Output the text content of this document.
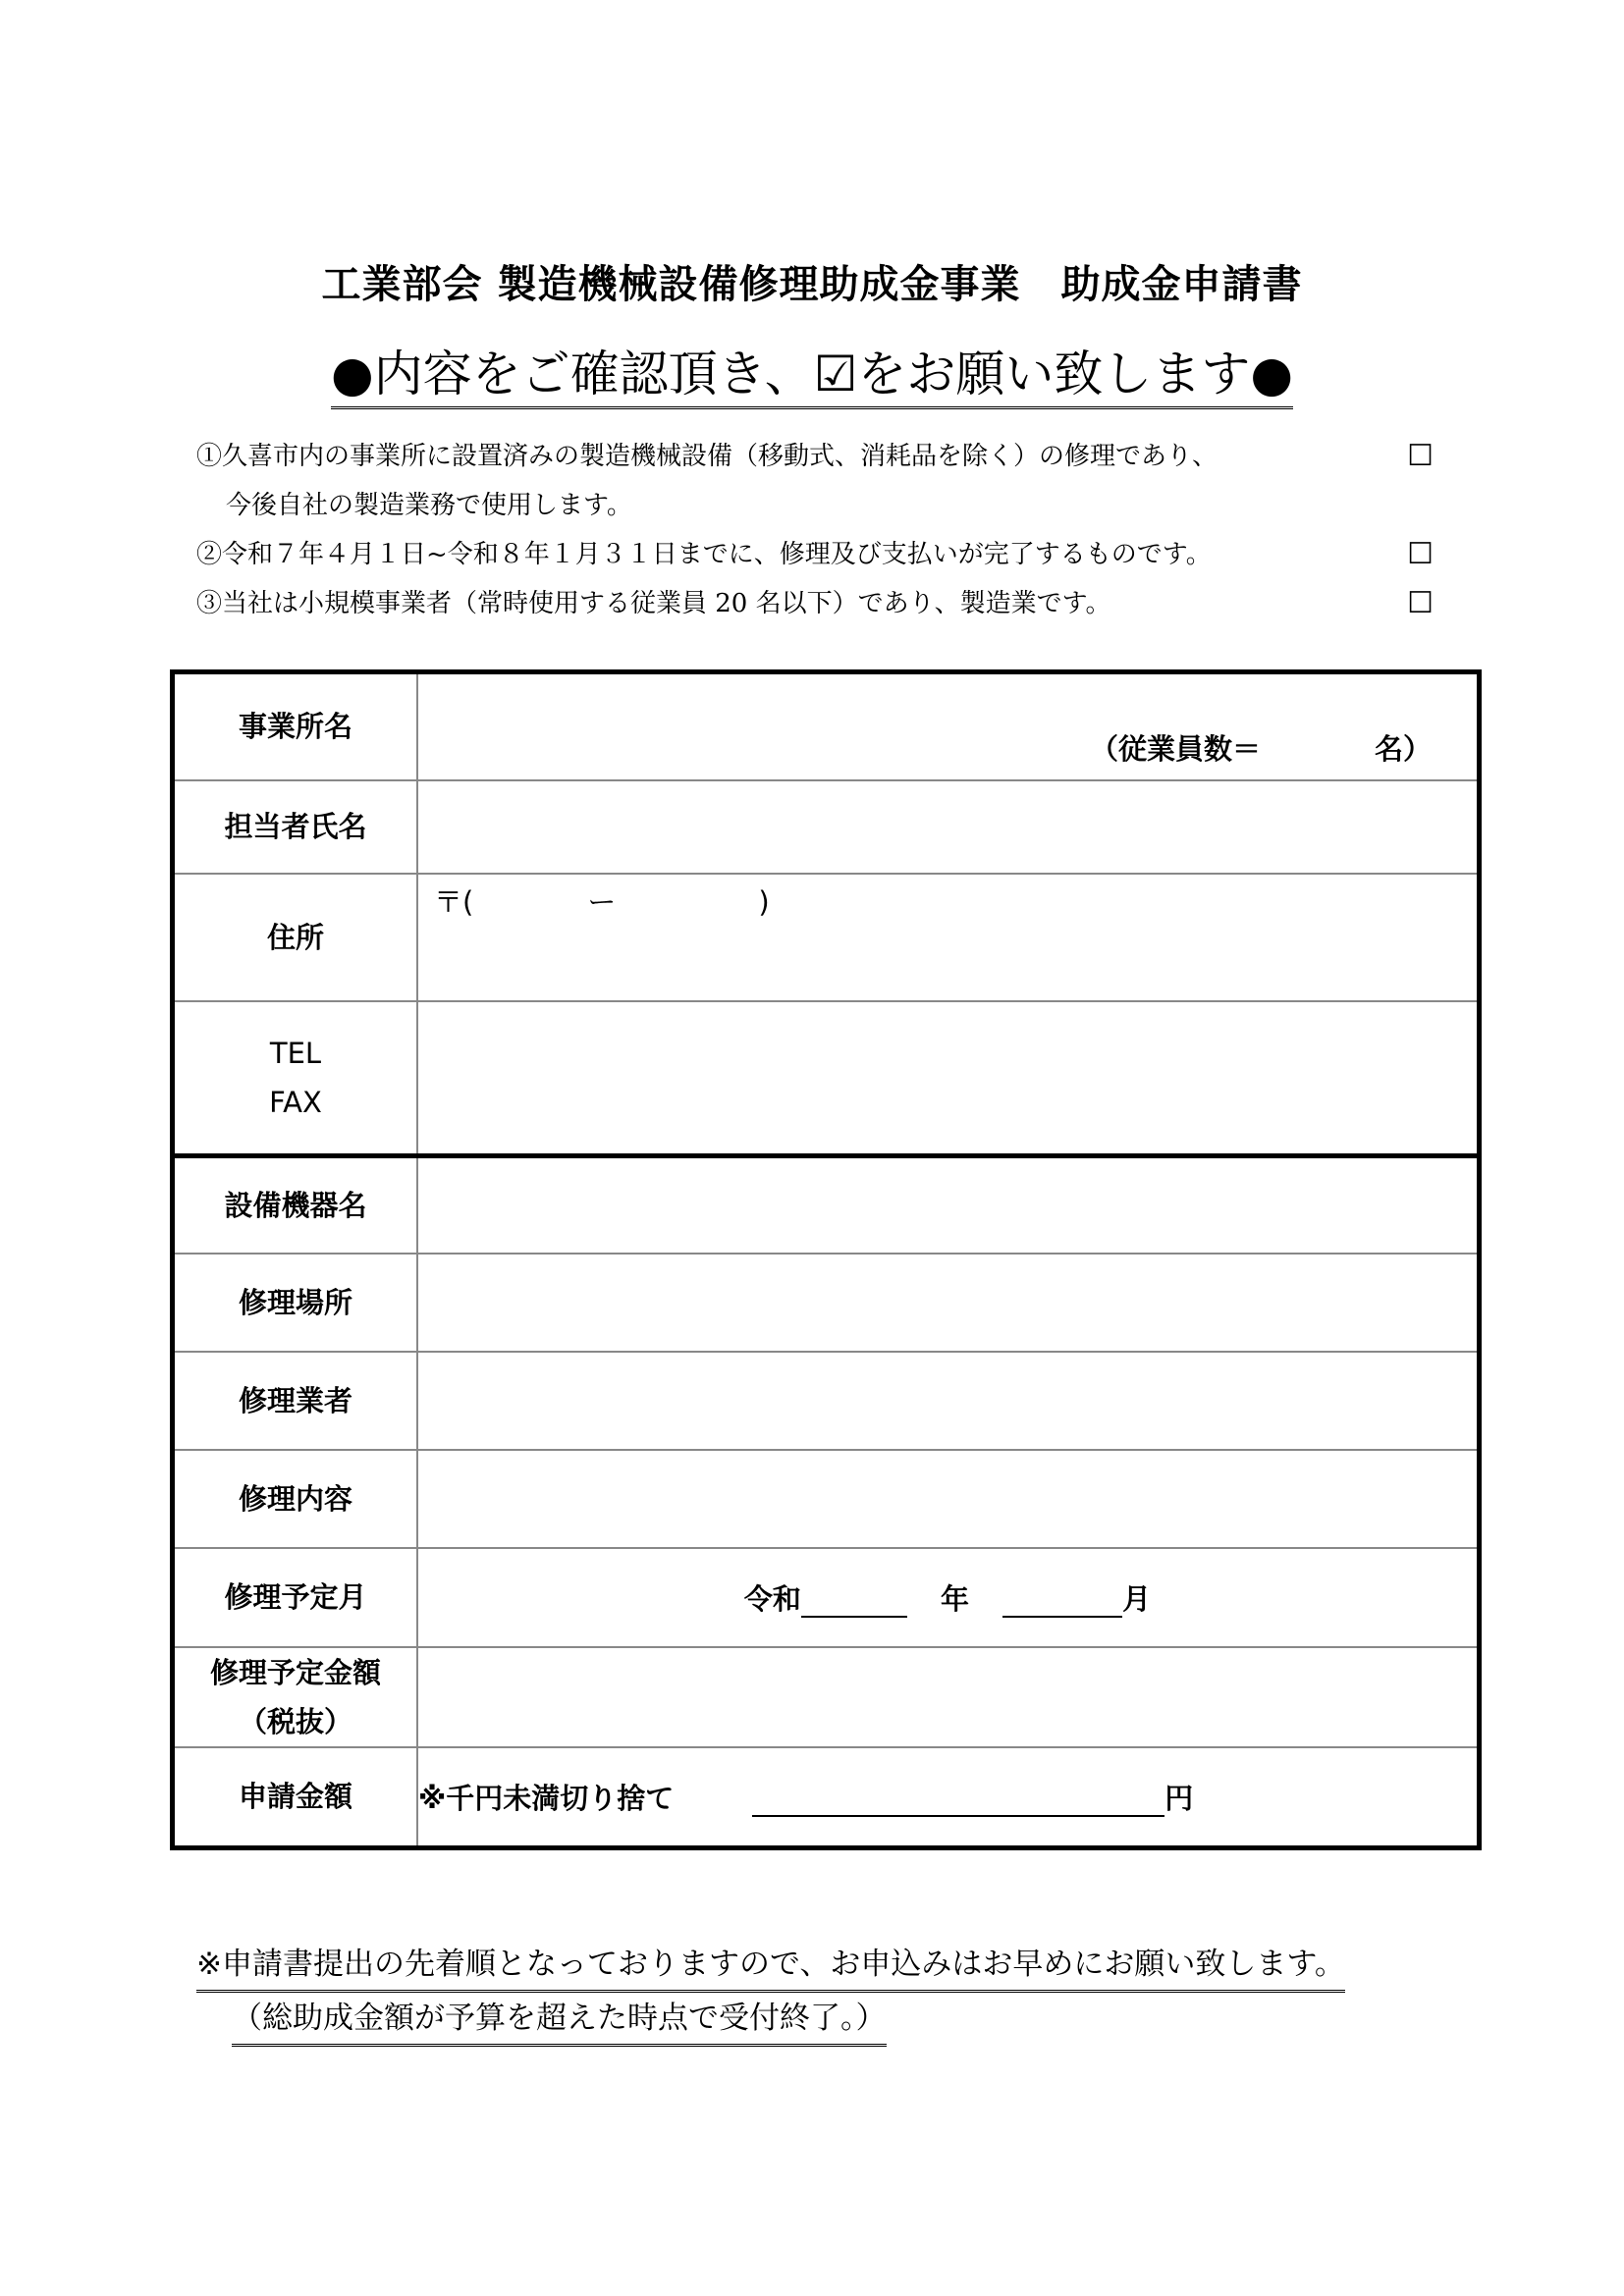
工業部会 製造機械設備修理助成金事業　助成金申請書
●内容をご確認頂き、☑をお願い致します●
①久喜市内の事業所に設置済みの製造機械設備（移動式、消耗品を除く）の修理であり、	☐
今後自社の製造業務で使用します。
②令和７年４月１日~令和８年１月３１日までに、修理及び支払いが完了するものです。	☐
③当社は小規模事業者（常時使用する従業員 20 名以下）であり、製造業です。	☐
事業所名	（従業員数＝　　　　名）

担当者氏名	
住所	〒(　　　　ー　　　　　)

TEL
FAX	

設備機器名	
修理場所	
修理業者	
修理内容	
修理予定月	令和 年 月

修理予定金額
（税抜）	

申請金額	※千円未満切り捨て 円
※申請書提出の先着順となっておりますので、お申込みはお早めにお願い致します。
（総助成金額が予算を超えた時点で受付終了。）
